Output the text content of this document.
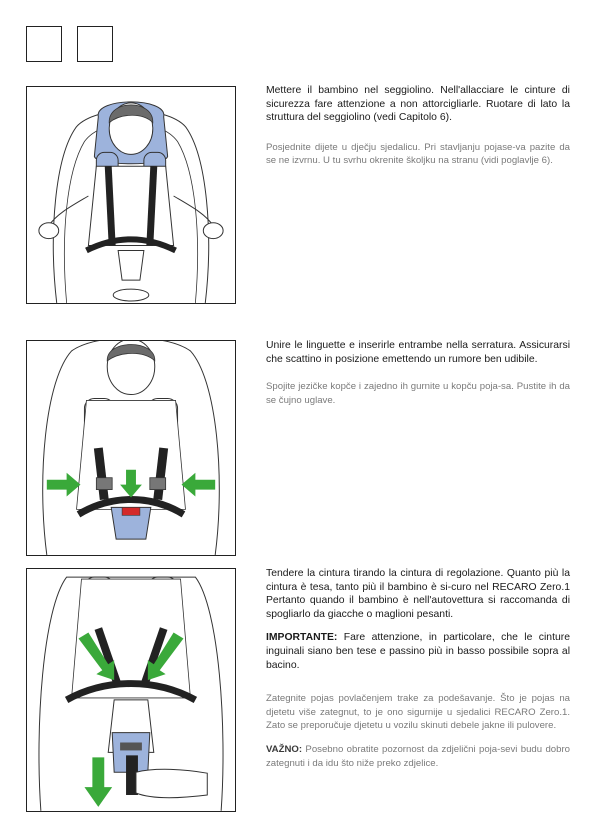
Mettere il bambino nel seggiolino. Nell'allacciare le cinture di sicurezza fare attenzione a non attorcigliarle. Ruotare di lato la struttura del seggiolino (vedi Capitolo 6).

Posjednite dijete u dječju sjedalicu. Pri stavljanju pojase-va pazite da se ne izvrnu. U tu svrhu okrenite školjku na stranu (vidi poglavlje 6).

Unire le linguette e inserirle entrambe nella serratura. Assicurarsi che scattino in posizione emettendo un rumore ben udibile.

Spojite jezičke kopče i zajedno ih gurnite u kopču poja-sa. Pustite ih da se čujno uglave.

Tendere la cintura tirando la cintura di regolazione. Quanto più la cintura è tesa, tanto più il bambino è si-curo nel RECARO Zero.1 Pertanto quando il bambino è nell'autovettura si raccomanda di spogliarlo da giacche o maglioni pesanti.

IMPORTANTE: Fare attenzione, in particolare, che le cinture inguinali siano ben tese e passino più in basso possibile sopra al bacino.

Zategnite pojas povlačenjem trake za podešavanje. Što je pojas na djetetu više zategnut, to je ono sigurnije u sjedalici RECARO Zero.1. Zato se preporučuje djetetu u vozilu skinuti debele jakne ili pulovere.

VAŽNO: Posebno obratite pozornost da zdjelični poja-sevi budu dobro zategnuti i da idu što niže preko zdjelice.
